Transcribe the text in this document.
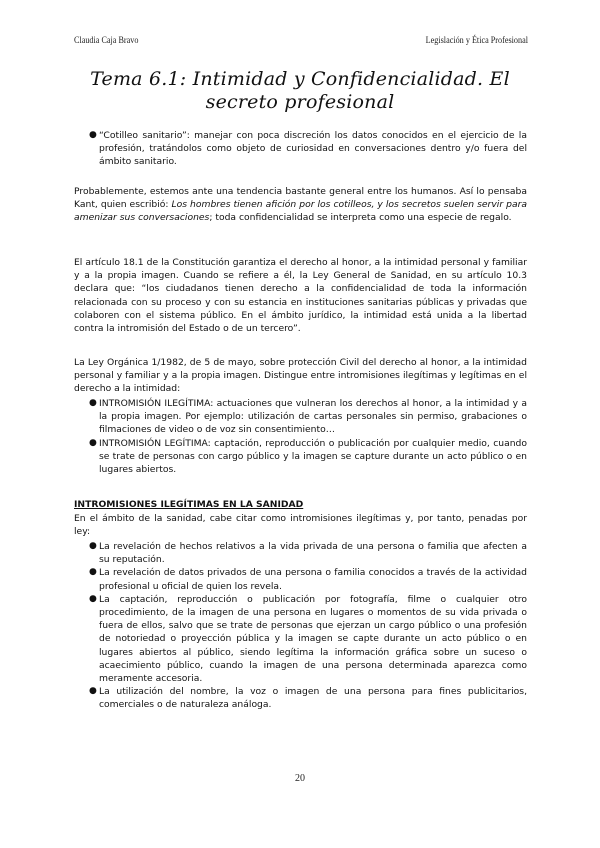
Claudia Caja Bravo	Legislación y Ética Profesional
Tema 6.1: Intimidad y Confidencialidad. El secreto profesional
● “Cotilleo sanitario”: manejar con poca discreción los datos conocidos en el ejercicio de la profesión, tratándolos como objeto de curiosidad en conversaciones dentro y/o fuera del ámbito sanitario.

Probablemente, estemos ante una tendencia bastante general entre los humanos. Así lo pensaba Kant, quien escribió: Los hombres tienen afición por los cotilleos, y los secretos suelen servir para amenizar sus conversaciones; toda confidencialidad se interpreta como una especie de regalo.

El artículo 18.1 de la Constitución garantiza el derecho al honor, a la intimidad personal y familiar y a la propia imagen. Cuando se refiere a él, la Ley General de Sanidad, en su artículo 10.3 declara que: “los ciudadanos tienen derecho a la confidencialidad de toda la información relacionada con su proceso y con su estancia en instituciones sanitarias públicas y privadas que colaboren con el sistema público. En el ámbito jurídico, la intimidad está unida a la libertad contra la intromisión del Estado o de un tercero”.

La Ley Orgánica 1/1982, de 5 de mayo, sobre protección Civil del derecho al honor, a la intimidad personal y familiar y a la propia imagen. Distingue entre intromisiones ilegítimas y legítimas en el derecho a la intimidad:

● INTROMISIÓN ILEGÍTIMA: actuaciones que vulneran los derechos al honor, a la intimidad y a la propia imagen. Por ejemplo: utilización de cartas personales sin permiso, grabaciones o filmaciones de video o de voz sin consentimiento…
● INTROMISIÓN LEGÍTIMA: captación, reproducción o publicación por cualquier medio, cuando se trate de personas con cargo público y la imagen se capture durante un acto público o en lugares abiertos.
INTROMISIONES ILEGÍTIMAS EN LA SANIDAD

En el ámbito de la sanidad, cabe citar como intromisiones ilegítimas y, por tanto, penadas por ley:

● La revelación de hechos relativos a la vida privada de una persona o familia que afecten a su reputación.
● La revelación de datos privados de una persona o familia conocidos a través de la actividad profesional u oficial de quien los revela.
● La captación, reproducción o publicación por fotografía, filme o cualquier otro procedimiento, de la imagen de una persona en lugares o momentos de su vida privada o fuera de ellos, salvo que se trate de personas que ejerzan un cargo público o una profesión de notoriedad o proyección pública y la imagen se capte durante un acto público o en lugares abiertos al público, siendo legítima la información gráfica sobre un suceso o acaecimiento público, cuando la imagen de una persona determinada aparezca como meramente accesoria.
● La utilización del nombre, la voz o imagen de una persona para fines publicitarios, comerciales o de naturaleza análoga.
20
